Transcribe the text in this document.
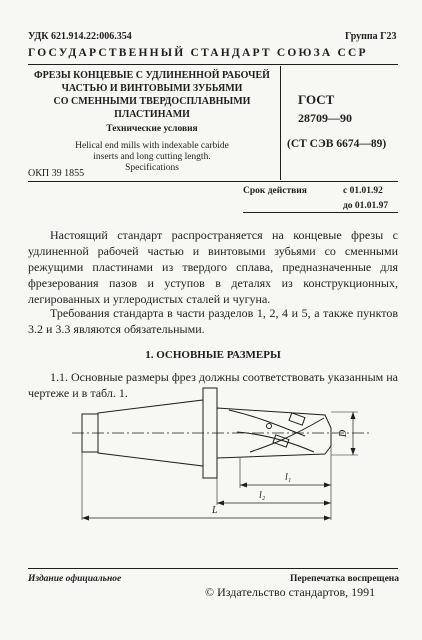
УДК 621.914.22:006.354	Группа Г23
ГОСУДАРСТВЕННЫЙ СТАНДАРТ СОЮЗА ССР
ФРЕЗЫ КОНЦЕВЫЕ С УДЛИНЕННОЙ РАБОЧЕЙ
ЧАСТЬЮ И ВИНТОВЫМИ ЗУБЬЯМИ
СО СМЕННЫМИ ТВЕРДОСПЛАВНЫМИ
ПЛАСТИНАМИ
Технические условия
Helical end mills with indexable carbide
inserts and long cutting length.
Specifications
ОКП 39 1855
ГОСТ
28709—90
(СТ СЭВ 6674—89)
Срок действия	с 01.01.92
до 01.01.97
Настоящий стандарт распространяется на концевые фрезы с удлиненной рабочей частью и винтовыми зубьями со сменными режущими пластинами из твердого сплава, предназначенные для фрезерования пазов и уступов в деталях из конструкционных, легированных и углеродистых сталей и чугуна.
Требования стандарта в части разделов 1, 2, 4 и 5, а также пунктов 3.2 и 3.3 являются обязательными.
1. ОСНОВНЫЕ РАЗМЕРЫ
1.1. Основные размеры фрез должны соответствовать указанным на чертеже и в табл. 1.
D
l₁
l₂
L
Издание официальное	Перепечатка воспрещена
© Издательство стандартов, 1991
